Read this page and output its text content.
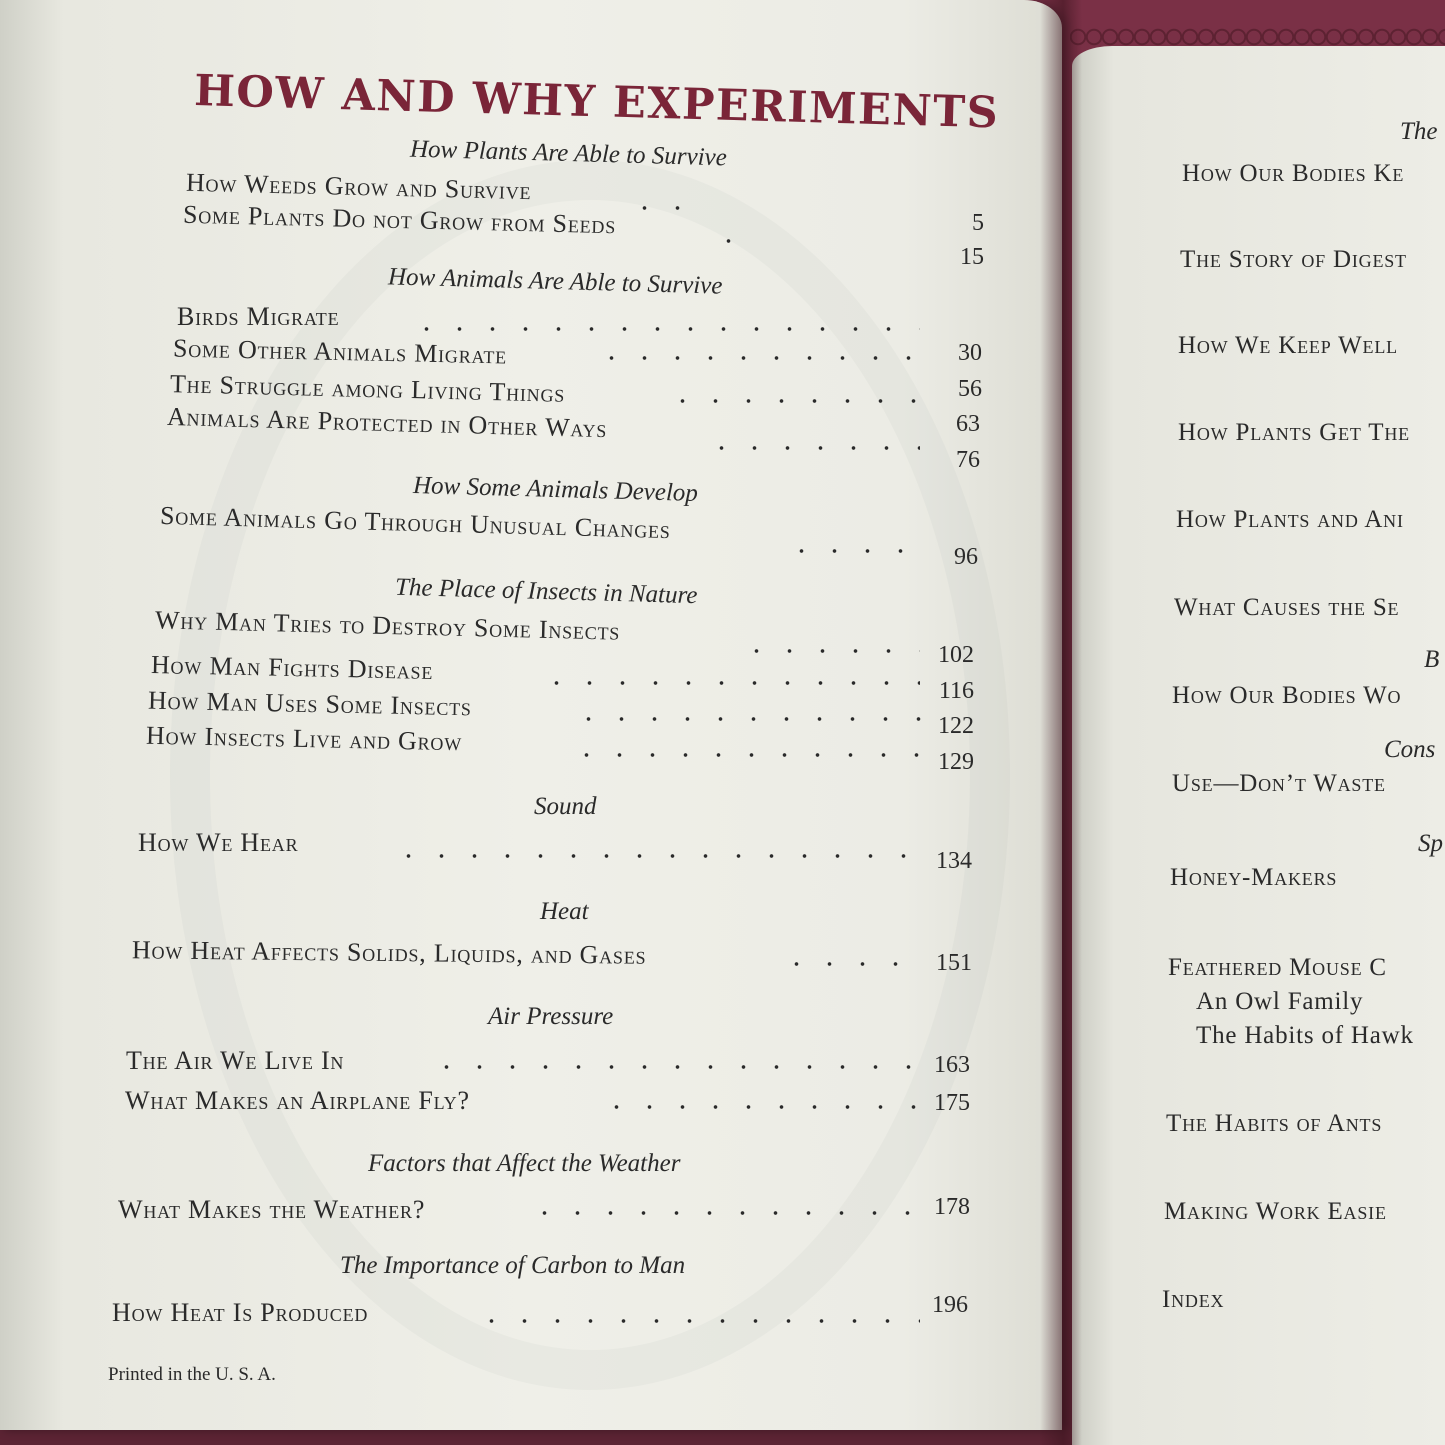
HOW AND WHY EXPERIMENTS
How Plants Are Able to Survive
How Weeds Grow and Survive
Some Plants Do not Grow from Seeds
How Animals Are Able to Survive
Birds Migrate
Some Other Animals Migrate
The Struggle among Living Things
Animals Are Protected in Other Ways
How Some Animals Develop
Some Animals Go Through Unusual Changes
The Place of Insects in Nature
Why Man Tries to Destroy Some Insects
How Man Fights Disease
How Man Uses Some Insects
How Insects Live and Grow
Sound
How We Hear
Heat
How Heat Affects Solids, Liquids, and Gases
Air Pressure
The Air We Live In
What Makes an Airplane Fly?
Factors that Affect the Weather
What Makes the Weather?
The Importance of Carbon to Man
How Heat Is Produced
5
15
30
56
63
76
96
102
116
122
129
134
151
163
175
178
196
Printed in the U. S. A.
The
How Our Bodies Ke
The Story of Digest
How We Keep Well
How Plants Get The
How Plants and Ani
What Causes the Se
B
How Our Bodies Wo
Cons
Use—Don’t Waste
Sp
Honey-Makers
Feathered Mouse C
An Owl Family
The Habits of Hawk
The Habits of Ants
Making Work Easie
Index
